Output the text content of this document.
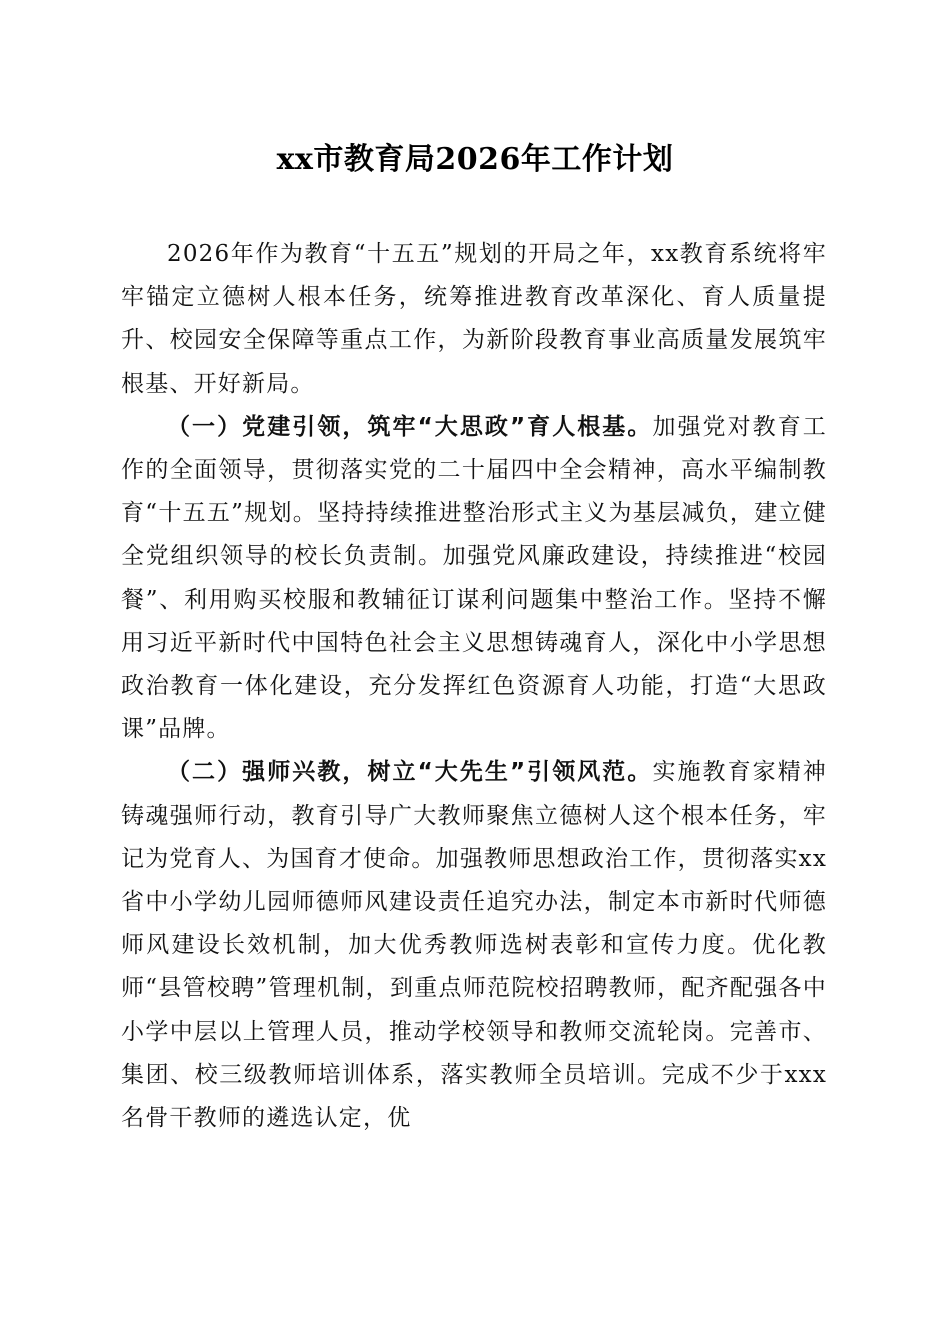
xx市教育局2026年工作计划

2026年作为教育“十五五”规划的开局之年，xx教育系统将牢牢锚定立德树人根本任务，统筹推进教育改革深化、育人质量提升、校园安全保障等重点工作，为新阶段教育事业高质量发展筑牢根基、开好新局。

（一）党建引领，筑牢“大思政”育人根基。加强党对教育工作的全面领导，贯彻落实党的二十届四中全会精神，高水平编制教育“十五五”规划。坚持持续推进整治形式主义为基层减负，建立健全党组织领导的校长负责制。加强党风廉政建设，持续推进“校园餐”、利用购买校服和教辅征订谋利问题集中整治工作。坚持不懈用习近平新时代中国特色社会主义思想铸魂育人，深化中小学思想政治教育一体化建设，充分发挥红色资源育人功能，打造“大思政课”品牌。

（二）强师兴教，树立“大先生”引领风范。实施教育家精神铸魂强师行动，教育引导广大教师聚焦立德树人这个根本任务，牢记为党育人、为国育才使命。加强教师思想政治工作，贯彻落实xx省中小学幼儿园师德师风建设责任追究办法，制定本市新时代师德师风建设长效机制，加大优秀教师选树表彰和宣传力度。优化教师“县管校聘”管理机制，到重点师范院校招聘教师，配齐配强各中小学中层以上管理人员，推动学校领导和教师交流轮岗。完善市、集团、校三级教师培训体系，落实教师全员培训。完成不少于xxx名骨干教师的遴选认定，优
